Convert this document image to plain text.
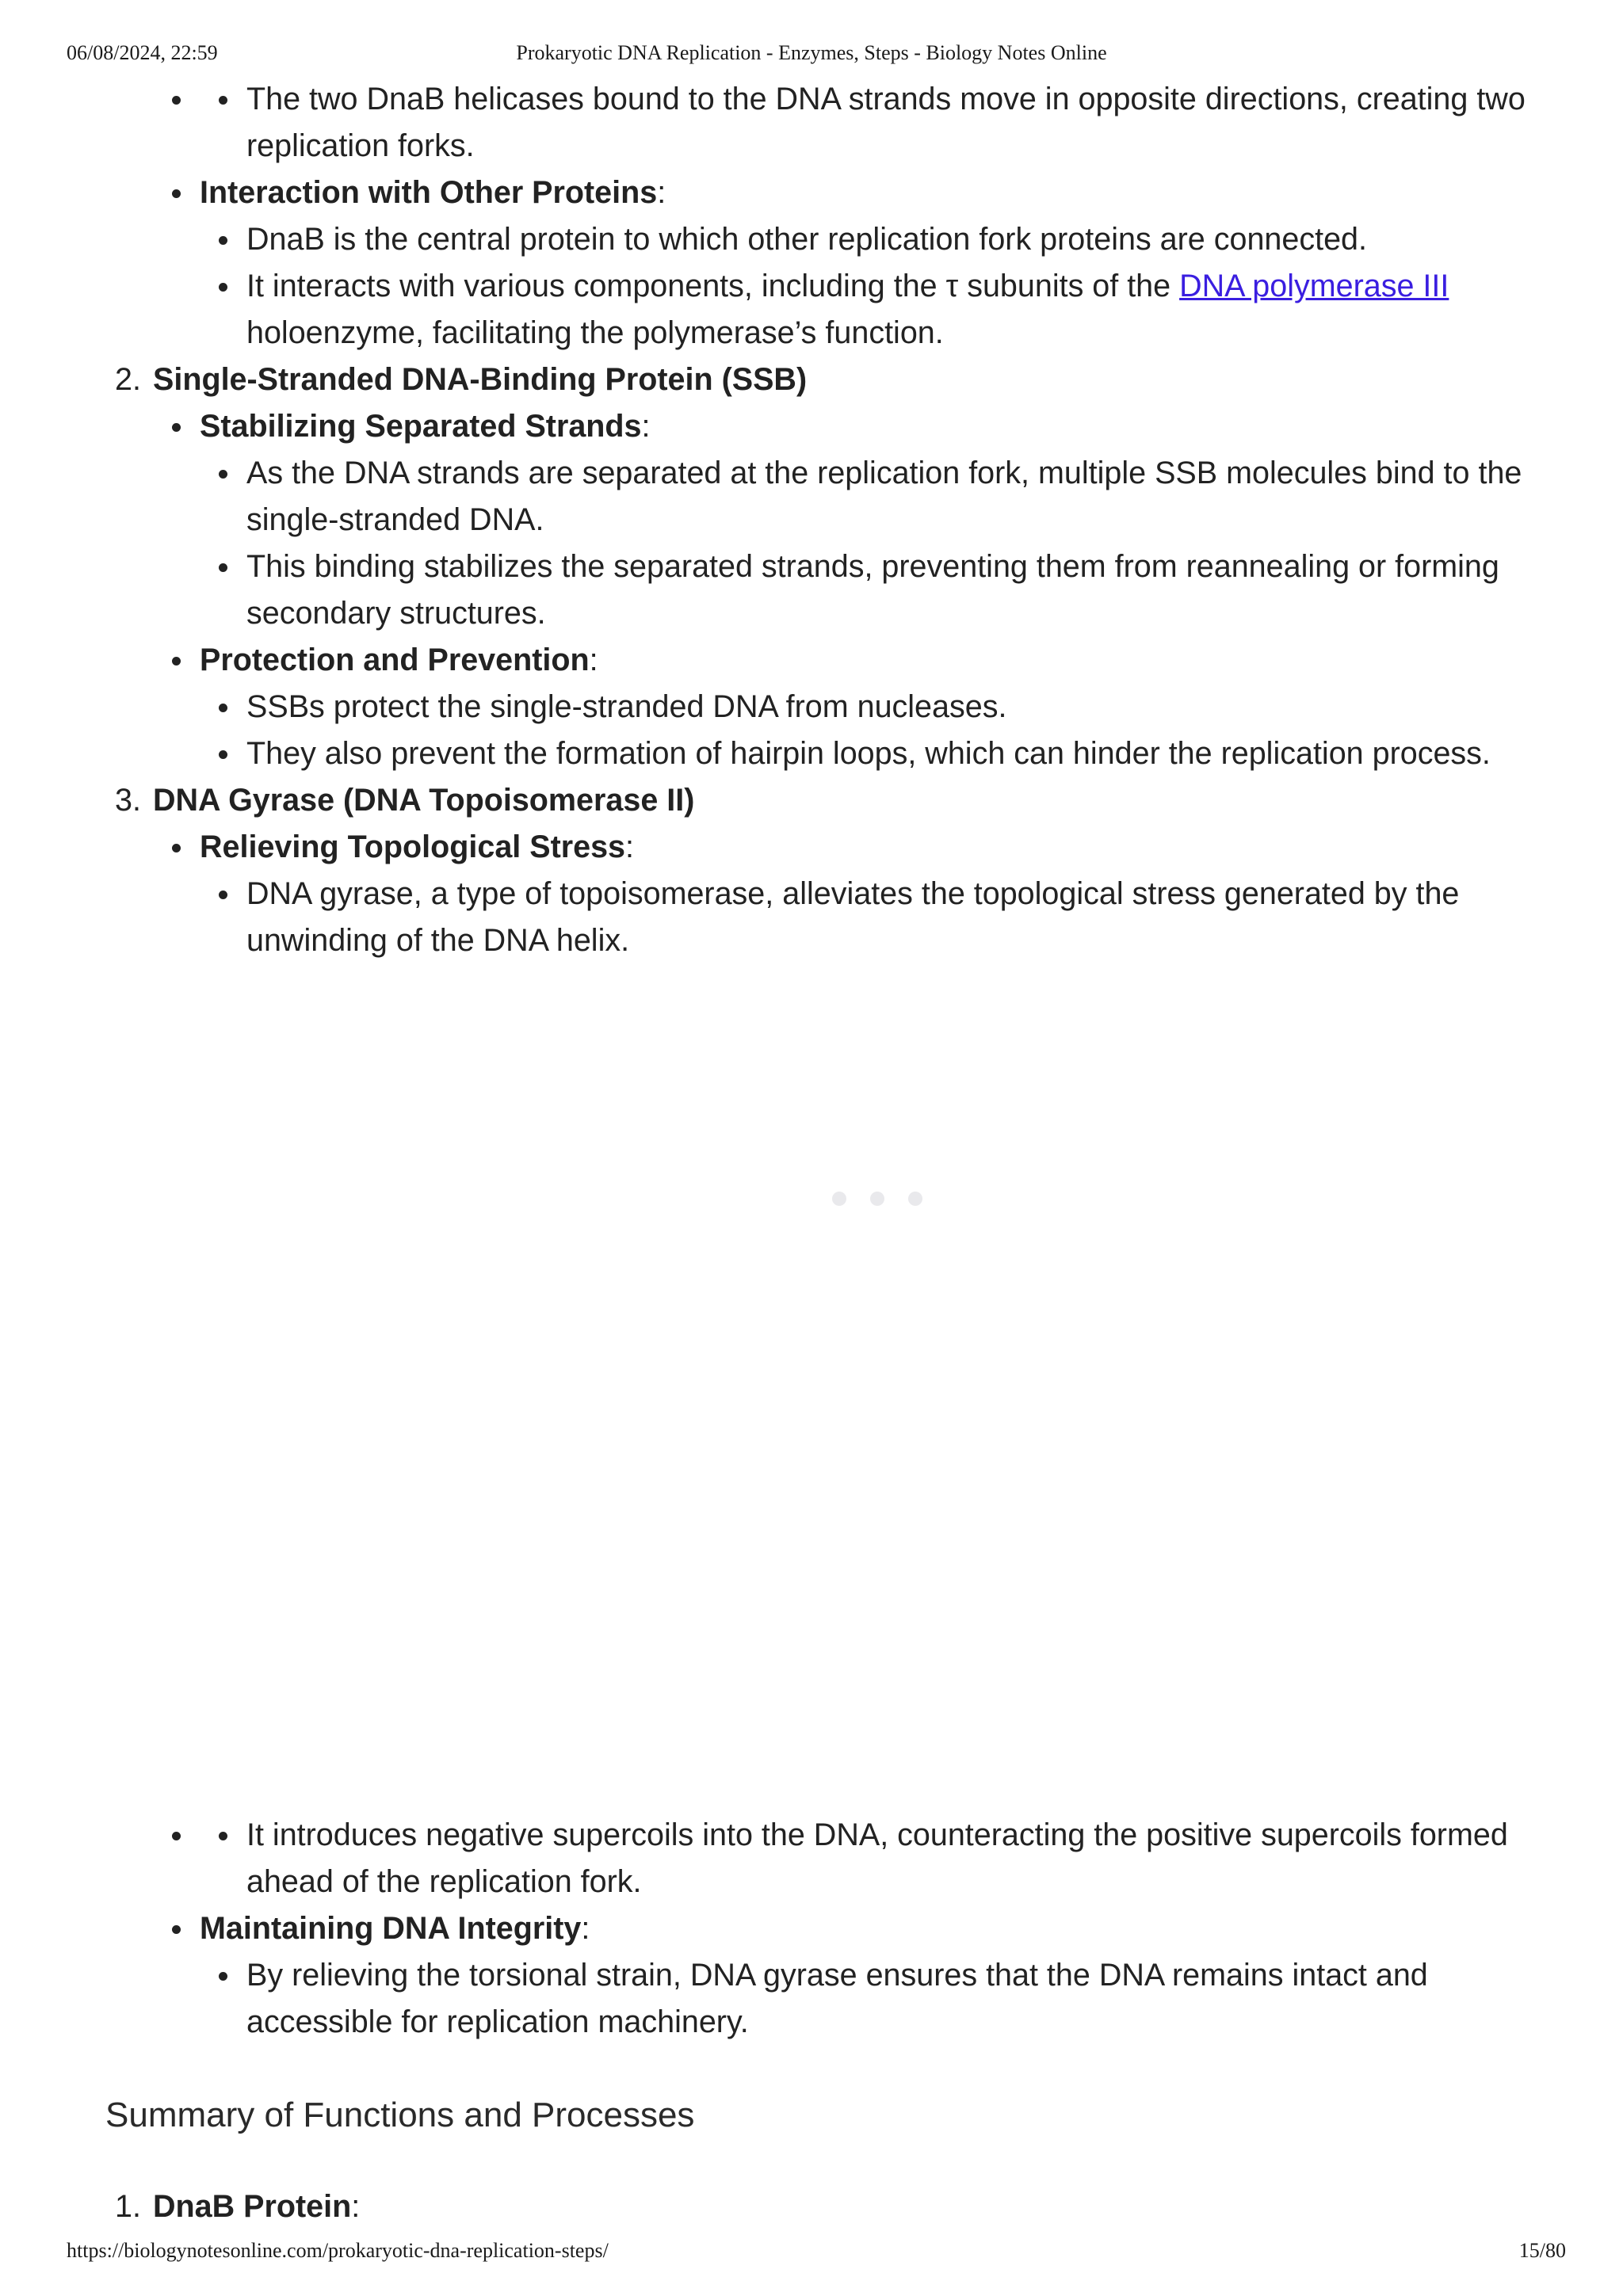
06/08/2024, 22:59	Prokaryotic DNA Replication - Enzymes, Steps - Biology Notes Online
The two DnaB helicases bound to the DNA strands move in opposite directions, creating two replication forks.
Interaction with Other Proteins:
DnaB is the central protein to which other replication fork proteins are connected.
It interacts with various components, including the τ subunits of the DNA polymerase III holoenzyme, facilitating the polymerase’s function.
2. Single-Stranded DNA-Binding Protein (SSB)
Stabilizing Separated Strands:
As the DNA strands are separated at the replication fork, multiple SSB molecules bind to the single-stranded DNA.
This binding stabilizes the separated strands, preventing them from reannealing or forming secondary structures.
Protection and Prevention:
SSBs protect the single-stranded DNA from nucleases.
They also prevent the formation of hairpin loops, which can hinder the replication process.
3. DNA Gyrase (DNA Topoisomerase II)
Relieving Topological Stress:
DNA gyrase, a type of topoisomerase, alleviates the topological stress generated by the unwinding of the DNA helix.
It introduces negative supercoils into the DNA, counteracting the positive supercoils formed ahead of the replication fork.
Maintaining DNA Integrity:
By relieving the torsional strain, DNA gyrase ensures that the DNA remains intact and accessible for replication machinery.
Summary of Functions and Processes
1. DnaB Protein:
https://biologynotesonline.com/prokaryotic-dna-replication-steps/	15/80
